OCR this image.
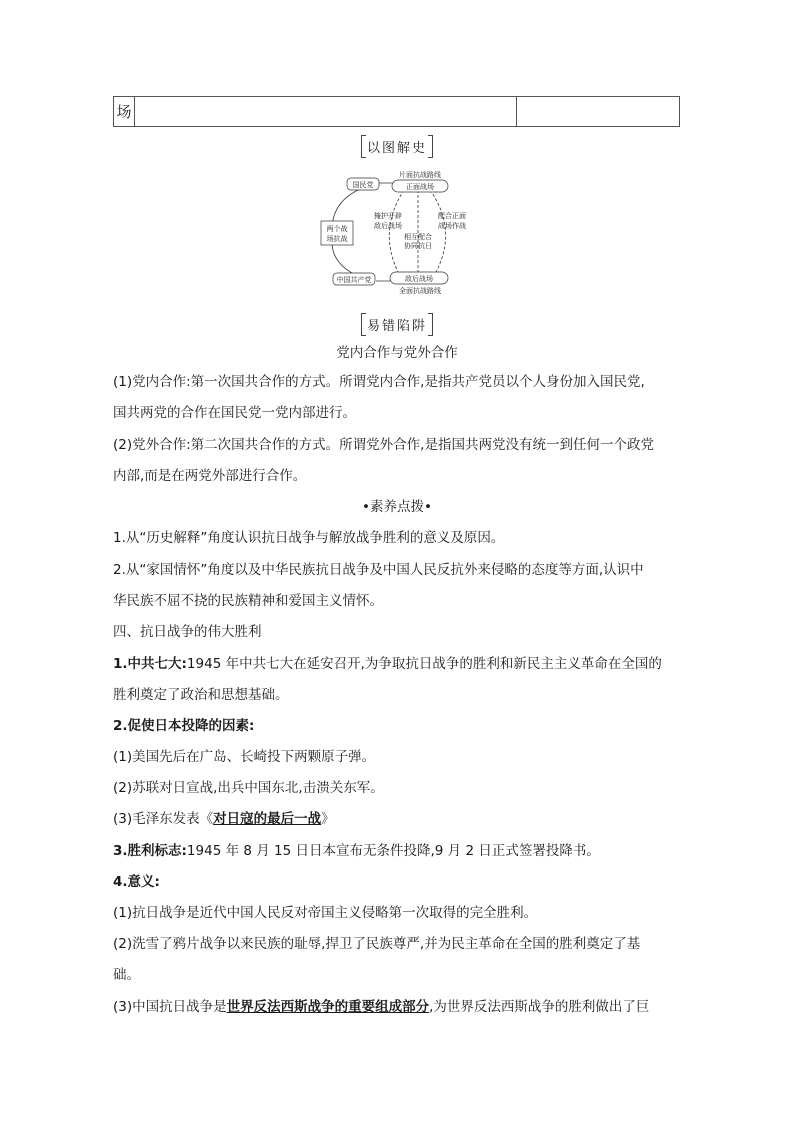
场
以图解史
国民党
两个战
场抗战
中国共产党
片面抗战路线
正面战场
敌后战场
全面抗战路线
掩护开辟
敌后战场
相互配合
协同抗日
配合正面
战场作战
易错陷阱
党内合作与党外合作
(1)党内合作:第一次国共合作的方式。所谓党内合作,是指共产党员以个人身份加入国民党,
国共两党的合作在国民党一党内部进行。
(2)党外合作:第二次国共合作的方式。所谓党外合作,是指国共两党没有统一到任何一个政党
内部,而是在两党外部进行合作。
•素养点拨•
1.从“历史解释”角度认识抗日战争与解放战争胜利的意义及原因。
2.从“家国情怀”角度以及中华民族抗日战争及中国人民反抗外来侵略的态度等方面,认识中
华民族不屈不挠的民族精神和爱国主义情怀。
四、抗日战争的伟大胜利
1.中共七大:1945 年中共七大在延安召开,为争取抗日战争的胜利和新民主主义革命在全国的
胜利奠定了政治和思想基础。
2.促使日本投降的因素:
(1)美国先后在广岛、长崎投下两颗原子弹。
(2)苏联对日宣战,出兵中国东北,击溃关东军。
(3)毛泽东发表《对日寇的最后一战》
3.胜利标志:1945 年 8 月 15 日日本宣布无条件投降,9 月 2 日正式签署投降书。
4.意义:
(1)抗日战争是近代中国人民反对帝国主义侵略第一次取得的完全胜利。
(2)洗雪了鸦片战争以来民族的耻辱,捍卫了民族尊严,并为民主革命在全国的胜利奠定了基
础。
(3)中国抗日战争是世界反法西斯战争的重要组成部分,为世界反法西斯战争的胜利做出了巨
